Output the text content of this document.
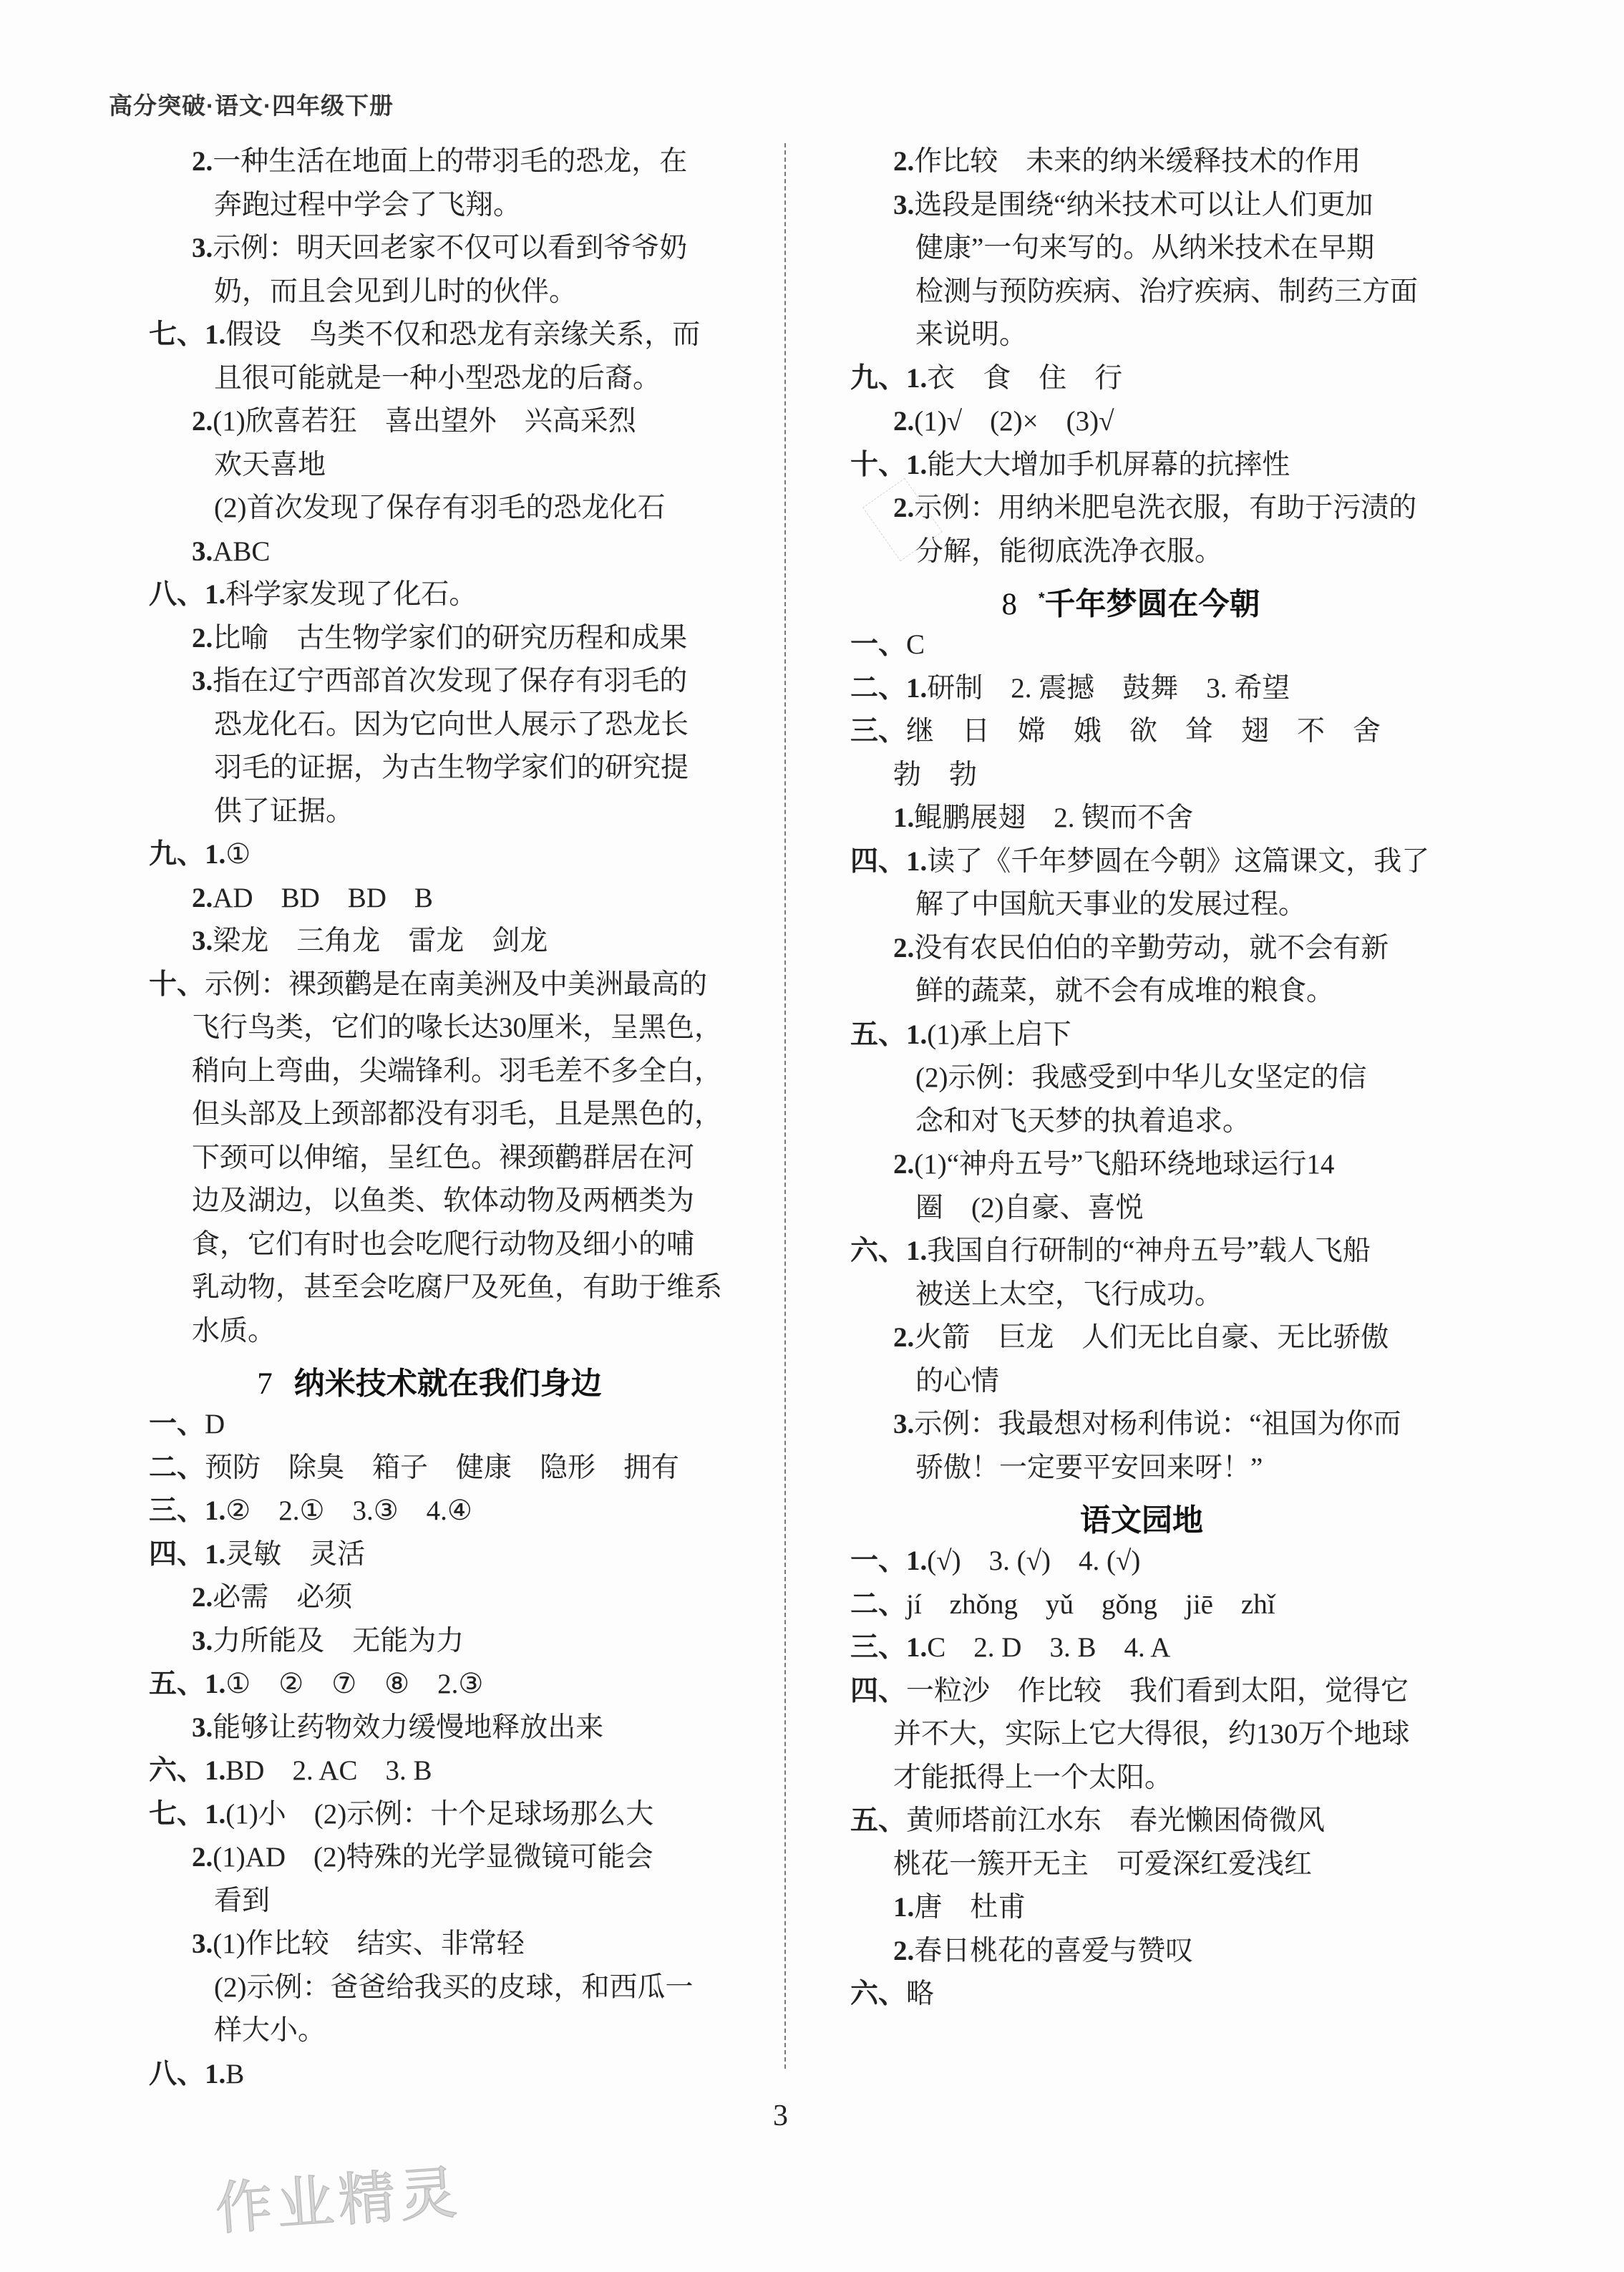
高分突破·语文·四年级下册
2.一种生活在地面上的带羽毛的恐龙，在
奔跑过程中学会了飞翔。
3.示例：明天回老家不仅可以看到爷爷奶
奶，而且会见到儿时的伙伴。
七、1.假设　鸟类不仅和恐龙有亲缘关系，而
且很可能就是一种小型恐龙的后裔。
2.(1)欣喜若狂　喜出望外　兴高采烈
欢天喜地
(2)首次发现了保存有羽毛的恐龙化石
3.ABC
八、1.科学家发现了化石。
2.比喻　古生物学家们的研究历程和成果
3.指在辽宁西部首次发现了保存有羽毛的
恐龙化石。因为它向世人展示了恐龙长
羽毛的证据，为古生物学家们的研究提
供了证据。
九、1.①
2.AD　BD　BD　B
3.梁龙　三角龙　雷龙　剑龙
十、示例：裸颈鹳是在南美洲及中美洲最高的
飞行鸟类，它们的喙长达30厘米，呈黑色，
稍向上弯曲，尖端锋利。羽毛差不多全白，
但头部及上颈部都没有羽毛，且是黑色的，
下颈可以伸缩，呈红色。裸颈鹳群居在河
边及湖边，以鱼类、软体动物及两栖类为
食，它们有时也会吃爬行动物及细小的哺
乳动物，甚至会吃腐尸及死鱼，有助于维系
水质。
7 纳米技术就在我们身边
一、D
二、预防　除臭　箱子　健康　隐形　拥有
三、1.②　2.①　3.③　4.④
四、1.灵敏　灵活
2.必需　必须
3.力所能及　无能为力
五、1.①　②　⑦　⑧　2.③
3.能够让药物效力缓慢地释放出来
六、1.BD　2. AC　3. B
七、1.(1)小　(2)示例：十个足球场那么大
2.(1)AD　(2)特殊的光学显微镜可能会
看到
3.(1)作比较　结实、非常轻
(2)示例：爸爸给我买的皮球，和西瓜一
样大小。
八、1.B
2.作比较　未来的纳米缓释技术的作用
3.选段是围绕“纳米技术可以让人们更加
健康”一句来写的。从纳米技术在早期
检测与预防疾病、治疗疾病、制药三方面
来说明。
九、1.衣　食　住　行
2.(1)√　(2)×　(3)√
十、1.能大大增加手机屏幕的抗摔性
2.示例：用纳米肥皂洗衣服，有助于污渍的
分解，能彻底洗净衣服。
8 *千年梦圆在今朝
一、C
二、1.研制　2. 震撼　鼓舞　3. 希望
三、继　日　嫦　娥　欲　耸　翅　不　舍
勃　勃
1.鲲鹏展翅　2. 锲而不舍
四、1.读了《千年梦圆在今朝》这篇课文，我了
解了中国航天事业的发展过程。
2.没有农民伯伯的辛勤劳动，就不会有新
鲜的蔬菜，就不会有成堆的粮食。
五、1.(1)承上启下
(2)示例：我感受到中华儿女坚定的信
念和对飞天梦的执着追求。
2.(1)“神舟五号”飞船环绕地球运行14
圈　(2)自豪、喜悦
六、1.我国自行研制的“神舟五号”载人飞船
被送上太空，飞行成功。
2.火箭　巨龙　人们无比自豪、无比骄傲
的心情
3.示例：我最想对杨利伟说：“祖国为你而
骄傲！一定要平安回来呀！”
语文园地
一、1.(√)　3. (√)　4. (√)
二、jí　zhǒng　yǔ　gǒng　jiē　zhǐ
三、1.C　2. D　3. B　4. A
四、一粒沙　作比较　我们看到太阳，觉得它
并不大，实际上它大得很，约130万个地球
才能抵得上一个太阳。
五、黄师塔前江水东　春光懒困倚微风
桃花一簇开无主　可爱深红爱浅红
1.唐　杜甫
2.春日桃花的喜爱与赞叹
六、略
3
作业精灵
